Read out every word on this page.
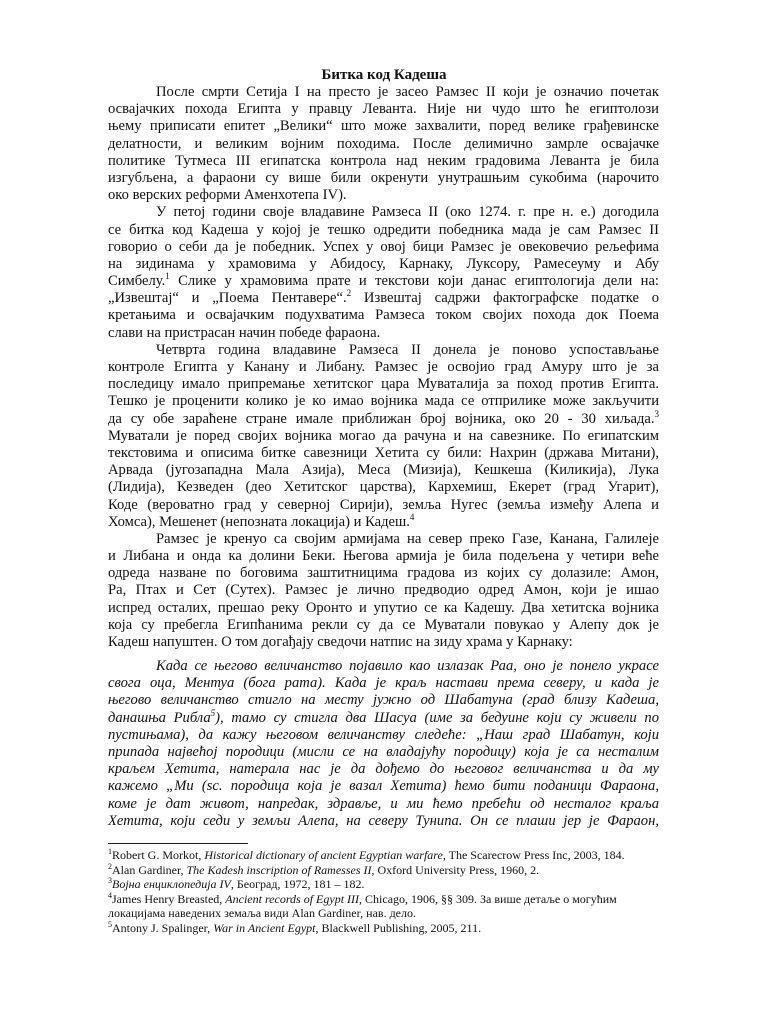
Битка код Кадеша
После смрти Сетија I на престо је засео Рамзес II који је означио почетак
освајачких похода Египта у правцу Леванта. Није ни чудо што ће египтолози
њему приписати епитет „Велики“ што може захвалити, поред велике грађевинске
делатности, и великим војним походима. После делимично замрле освајачке
политике Тутмеса III египатска контрола над неким градовима Леванта је била
изгубљена, а фараони су више били окренути унутрашњим сукобима (нарочито
око верских реформи Аменхотепа IV).
У петој години своје владавине Рамзеса II (око 1274. г. пре н. е.) догодила
се битка код Кадеша у којој је тешко одредити победника мада је сам Рамзес II
говорио о себи да је победник. Успех у овој бици Рамзес је овековечио рељефима
на зидинама у храмовима у Абидосу, Карнаку, Луксору, Рамесеуму и Абу
Симбелу.$^1$ Слике у храмовима прате и текстови који данас египтологија дели на:
„Извештај“ и „Поема Пентавере“.$^2$ Извештај садржи фактографске податке о
кретањима и освајачким подухватима Рамзеса током својих похода док Поема
слави на пристрасан начин победе фараона.
Четврта година владавине Рамзеса II донела је поново успостављање
контроле Египта у Канану и Либану. Рамзес је освојио град Амуру што је за
последицу имало припремање хетитског цара Муваталија за поход против Египта.
Тешко је проценити колико је ко имао војника мада се отприлике може закључити
да су обе зараћене стране имале приближан број војника, око 20 - 30 хиљада.$^3$
Муватали је поред својих војника могао да рачуна и на савезнике. По египатским
текстовима и описима битке савезници Хетита су били: Нахрин (држава Митани),
Арвада (југозападна Мала Азија), Меса (Мизија), Кешкеша (Киликија), Лука
(Лидија), Кезведен (део Хетитског царства), Кархемиш, Екерет (град Угарит),
Коде (вероватно град у северној Сирији), земља Нугес (земља између Алепа и
Хомса), Мешенет (непозната локација) и Кадеш.$^4$
Рамзес је кренуо са својим армијама на север преко Газе, Канана, Галилеје
и Либана и онда ка долини Беки. Његова армија је била подељена у четири веће
одреда назване по боговима заштитницима градова из којих су долазиле: Амон,
Ра, Птах и Сет (Сутех). Рамзес је лично предводио одред Амон, који је ишао
испред осталих, прешао реку Оронто и упутио се ка Кадешу. Два хетитска војника
која су пребегла Египћанима рекли су да се Муватали повукао у Алепу док је
Кадеш напуштен. О том догађају сведочи натпис на зиду храма у Карнаку:
Када се његово величанство појавило као излазак Раа, оно је понело украсе
свога оца, Ментуа (бога рата). Када је краљ настави према северу, и када је
његово величанство стигло на месту јужно од Шабатуна (град близу Кадеша,
данашња Рибла$^5$), тамо су стигла два Шасуа (име за бедуине који су живели по
пустињама), да кажу његовом величанству следеће: „Наш град Шабатун, који
припада највећој породици (мисли се на владајућу породицу) која је са несталим
краљем Хетита, натерала нас је да дођемо до његовог величанства и да му
кажемо „Ми (sc. породица која је вазал Хетита) ћемо бити поданици Фараона,
коме је дат живот, напредак, здравље, и ми ћемо пребећи од несталог краља
Хетита, који седи у земљи Алепа, на северу Тунипа. Он се плаши јер је Фараон,
$^1$Robert G. Morkot, Historical dictionary of ancient Egyptian warfare, The Scarecrow Press Inc, 2003, 184.
$^2$Alan Gardiner, The Kadesh inscription of Ramesses II, Oxford University Press, 1960, 2.
$^3$Војна енциклопедија IV, Београд, 1972, 181 – 182.
$^4$James Henry Breasted, Ancient records of Egypt III, Chicago, 1906, §§ 309. За више детаље о могућим локацијама наведених земаља види Alan Gardiner, нав. дело.
$^5$Antony J. Spalinger, War in Ancient Egypt, Blackwell Publishing, 2005, 211.
